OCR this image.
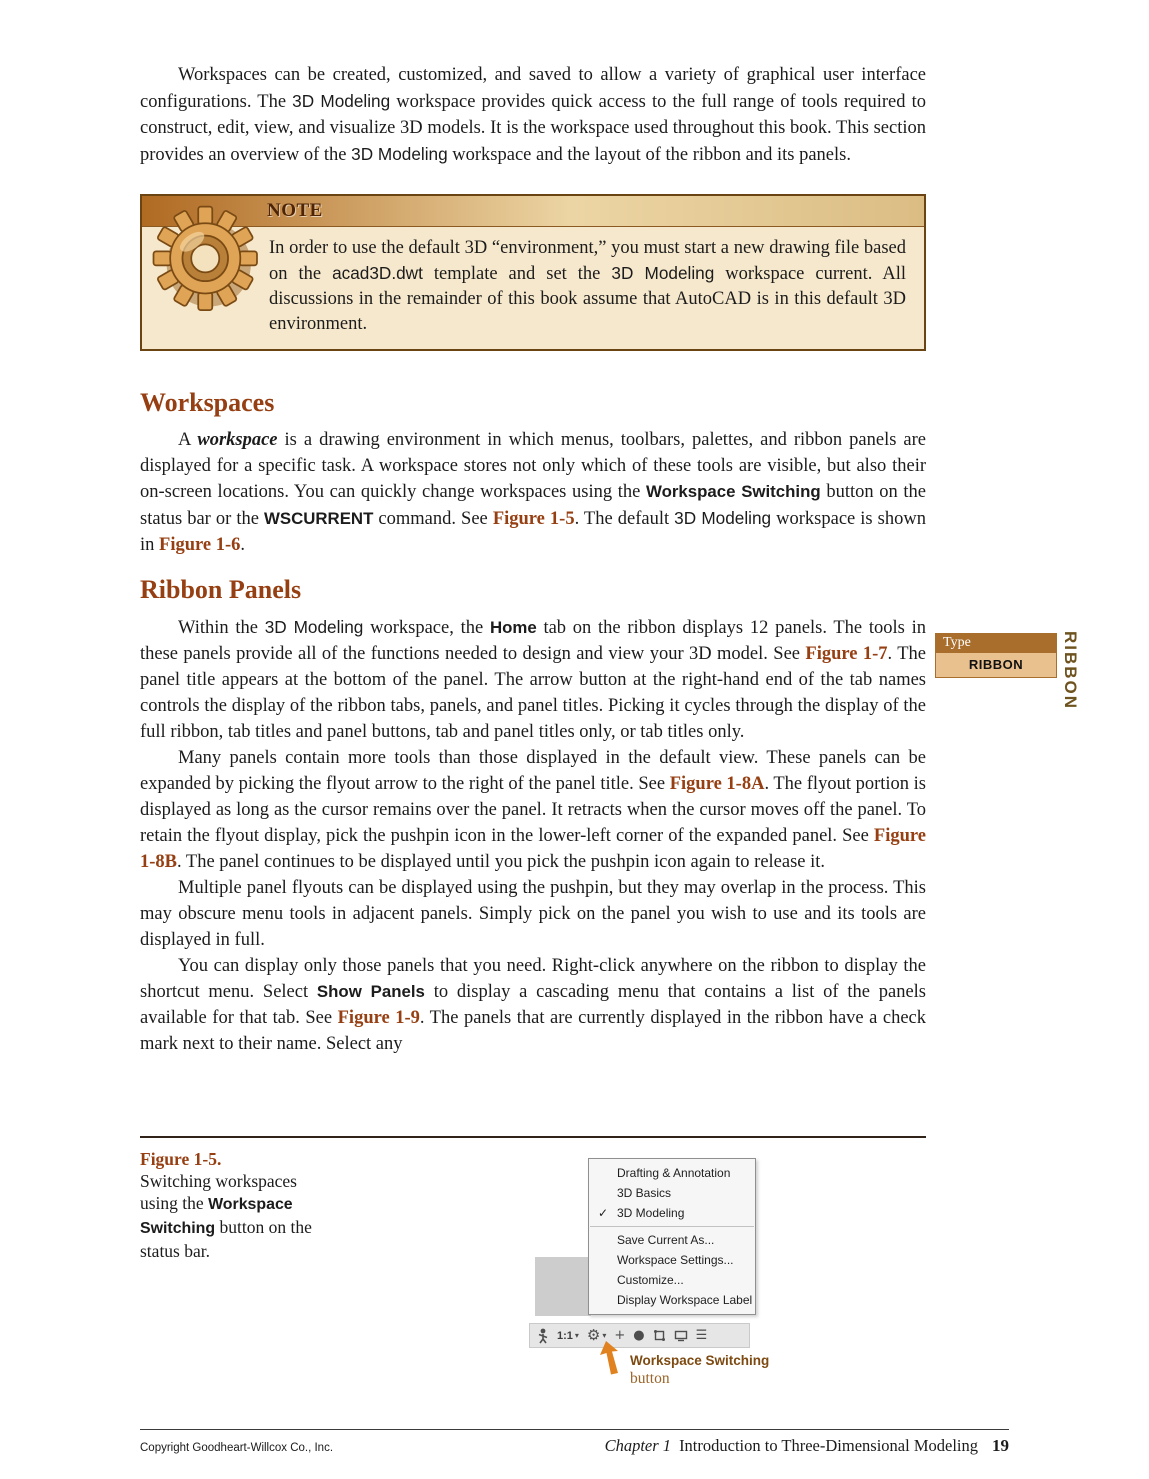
Workspaces can be created, customized, and saved to allow a variety of graphical user interface configurations. The 3D Modeling workspace provides quick access to the full range of tools required to construct, edit, view, and visualize 3D models. It is the workspace used throughout this book. This section provides an overview of the 3D Modeling workspace and the layout of the ribbon and its panels.

NOTE

In order to use the default 3D “environment,” you must start a new drawing file based on the acad3D.dwt template and set the 3D Modeling workspace current. All discussions in the remainder of this book assume that AutoCAD is in this default 3D environment.

Workspaces

A workspace is a drawing environment in which menus, toolbars, palettes, and ribbon panels are displayed for a specific task. A workspace stores not only which of these tools are visible, but also their on-screen locations. You can quickly change workspaces using the Workspace Switching button on the status bar or the WSCURRENT command. See Figure 1-5. The default 3D Modeling workspace is shown in Figure 1-6.

Ribbon Panels

Within the 3D Modeling workspace, the Home tab on the ribbon displays 12 panels. The tools in these panels provide all of the functions needed to design and view your 3D model. See Figure 1-7. The panel title appears at the bottom of the panel. The arrow button at the right-hand end of the tab names controls the display of the ribbon tabs, panels, and panel titles. Picking it cycles through the display of the full ribbon, tab titles and panel buttons, tab and panel titles only, or tab titles only.

Many panels contain more tools than those displayed in the default view. These panels can be expanded by picking the flyout arrow to the right of the panel title. See Figure 1-8A. The flyout portion is displayed as long as the cursor remains over the panel. It retracts when the cursor moves off the panel. To retain the flyout display, pick the pushpin icon in the lower-left corner of the expanded panel. See Figure 1-8B. The panel continues to be displayed until you pick the pushpin icon again to release it.

Multiple panel flyouts can be displayed using the pushpin, but they may overlap in the process. This may obscure menu tools in adjacent panels. Simply pick on the panel you wish to use and its tools are displayed in full.

You can display only those panels that you need. Right-click anywhere on the ribbon to display the shortcut menu. Select Show Panels to display a cascading menu that contains a list of the panels available for that tab. See Figure 1-9. The panels that are currently displayed in the ribbon have a check mark next to their name. Select any

Type
RIBBON	RIBBON
Figure 1-5.

Switching workspaces using the Workspace Switching button on the status bar.

Drafting & Annotation
3D Basics
✓ 3D Modeling
Save Current As...
Workspace Settings...
Customize...
Display Workspace Label
1:1 ▾ ⚙ ▾ + ●	☰
Workspace Switching
button
Copyright Goodheart-Willcox Co., Inc.	Chapter 1 Introduction to Three-Dimensional Modeling 19
